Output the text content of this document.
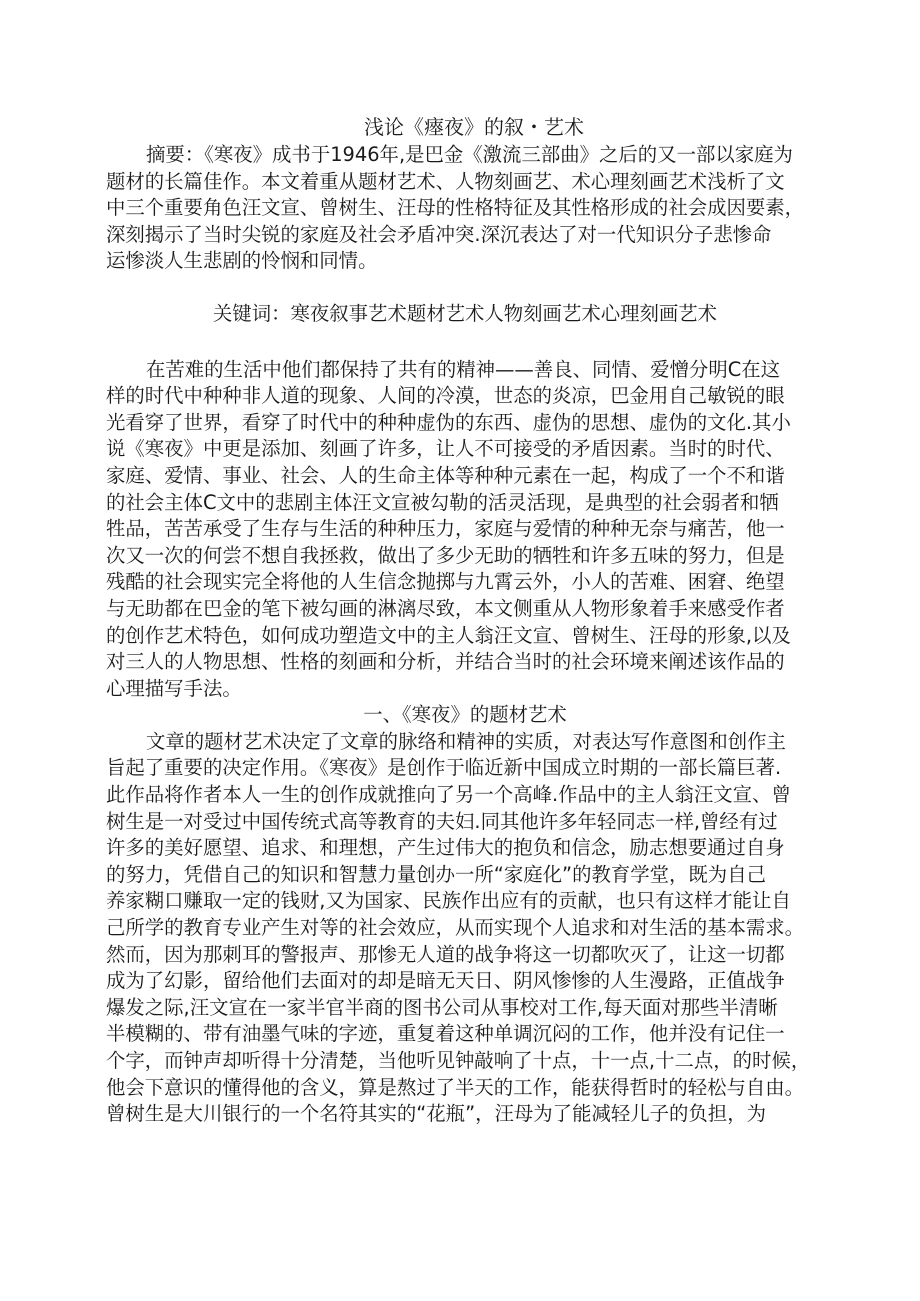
浅论《瘞夜》的叙・艺术

摘要：《寒夜》成书于1946年,是巴金《激流三部曲》之后的又一部以家庭为

题材的长篇佳作。本文着重从题材艺术、人物刻画艺、术心理刻画艺术浅析了文

中三个重要角色汪文宣、曾树生、汪母的性格特征及其性格形成的社会成因要素，

深刻揭示了当时尖锐的家庭及社会矛盾冲突.深沉表达了对一代知识分子悲惨命

运惨淡人生悲剧的怜悯和同情。

关键词：寒夜叙事艺术题材艺术人物刻画艺术心理刻画艺术

在苦难的生活中他们都保持了共有的精神——善良、同情、爱憎分明C在这

样的时代中种种非人道的现象、人间的冷漠，世态的炎凉，巴金用自己敏锐的眼

光看穿了世界，看穿了时代中的种种虚伪的东西、虚伪的思想、虚伪的文化.其小

说《寒夜》中更是添加、刻画了许多，让人不可接受的矛盾因素。当时的时代、

家庭、爱情、事业、社会、人的生命主体等种种元素在一起，构成了一个不和谐

的社会主体C文中的悲剧主体汪文宣被勾勒的活灵活现，是典型的社会弱者和牺

牲品，苦苦承受了生存与生活的种种压力，家庭与爱情的种种无奈与痛苦，他一

次又一次的何尝不想自我拯救，做出了多少无助的牺牲和许多五味的努力，但是

残酷的社会现实完全将他的人生信念抛掷与九霄云外，小人的苦难、困窘、绝望

与无助都在巴金的笔下被勾画的淋漓尽致，本文侧重从人物形象着手来感受作者

的创作艺术特色，如何成功塑造文中的主人翁汪文宣、曾树生、汪母的形象,以及

对三人的人物思想、性格的刻画和分析，并结合当时的社会环境来阐述该作品的

心理描写手法。

一、《寒夜》的题材艺术

文章的题材艺术决定了文章的脉络和精神的实质，对表达写作意图和创作主

旨起了重要的决定作用。《寒夜》是创作于临近新中国成立时期的一部长篇巨著.

此作品将作者本人一生的创作成就推向了另一个高峰.作品中的主人翁汪文宣、曾

树生是一对受过中国传统式高等教育的夫妇.同其他许多年轻同志一样,曾经有过

许多的美好愿望、追求、和理想，产生过伟大的抱负和信念，励志想要通过自身

的努力，凭借自己的知识和智慧力量创办一所“家庭化”的教育学堂，既为自己

养家糊口赚取一定的钱财,又为国家、民族作出应有的贡献，也只有这样才能让自

己所学的教育专业产生对等的社会效应，从而实现个人追求和对生活的基本需求。

然而，因为那刺耳的警报声、那惨无人道的战争将这一切都吹灭了，让这一切都

成为了幻影，留给他们去面对的却是暗无天日、阴风惨惨的人生漫路，正值战争

爆发之际,汪文宣在一家半官半商的图书公司从事校对工作,每天面对那些半清晰

半模糊的、带有油墨气味的字迹，重复着这种单调沉闷的工作，他并没有记住一

个字，而钟声却听得十分清楚，当他听见钟敲响了十点，十一点,十二点，的时候，

他会下意识的懂得他的含义，算是熬过了半天的工作，能获得哲时的轻松与自由。

曾树生是大川银行的一个名符其实的“花瓶”，汪母为了能减轻儿子的负担，为
